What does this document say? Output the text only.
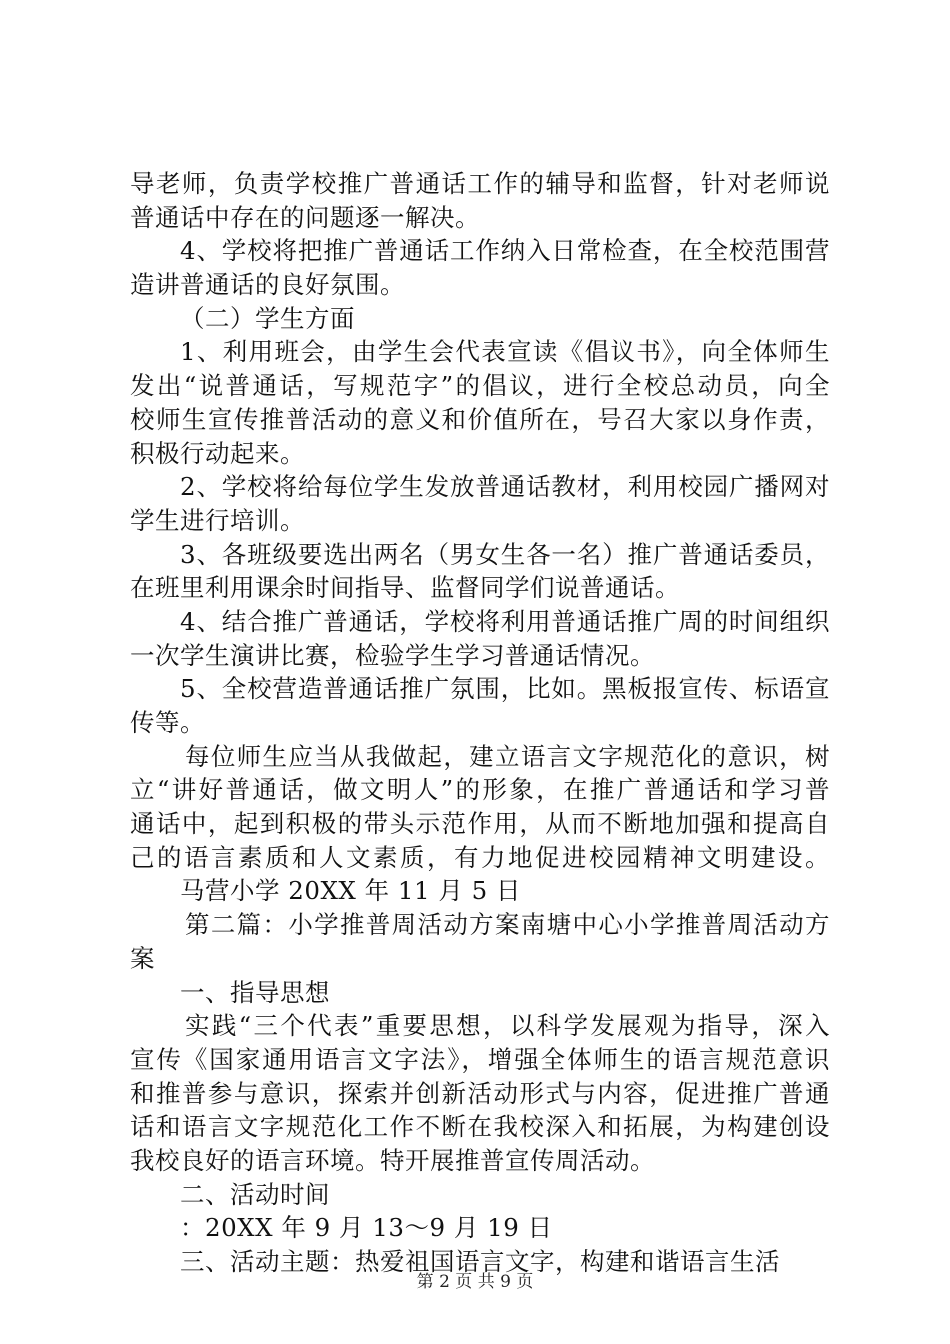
导老师，负责学校推广普通话工作的辅导和监督，针对老师说
普通话中存在的问题逐一解决。
4、学校将把推广普通话工作纳入日常检查，在全校范围营
造讲普通话的良好氛围。
（二）学生方面
1、利用班会，由学生会代表宣读《倡议书》，向全体师生
发出“说普通话，写规范字”的倡议，进行全校总动员，向全
校师生宣传推普活动的意义和价值所在，号召大家以身作责，
积极行动起来。
2、学校将给每位学生发放普通话教材，利用校园广播网对
学生进行培训。
3、各班级要选出两名（男女生各一名）推广普通话委员，
在班里利用课余时间指导、监督同学们说普通话。
4、结合推广普通话，学校将利用普通话推广周的时间组织
一次学生演讲比赛，检验学生学习普通话情况。
5、全校营造普通话推广氛围，比如。黑板报宣传、标语宣
传等。
每位师生应当从我做起，建立语言文字规范化的意识，树
立“讲好普通话，做文明人”的形象，在推广普通话和学习普
通话中，起到积极的带头示范作用，从而不断地加强和提高自
己的语言素质和人文素质，有力地促进校园精神文明建设。
马营小学 20XX 年 11 月 5 日
第二篇：小学推普周活动方案南塘中心小学推普周活动方
案
一、指导思想
实践“三个代表”重要思想，以科学发展观为指导，深入
宣传《国家通用语言文字法》，增强全体师生的语言规范意识
和推普参与意识，探索并创新活动形式与内容，促进推广普通
话和语言文字规范化工作不断在我校深入和拓展，为构建创设
我校良好的语言环境。特开展推普宣传周活动。
二、活动时间
：20XX 年 9 月 13～9 月 19 日
三、活动主题：热爱祖国语言文字，构建和谐语言生活
第 2 页 共 9 页
